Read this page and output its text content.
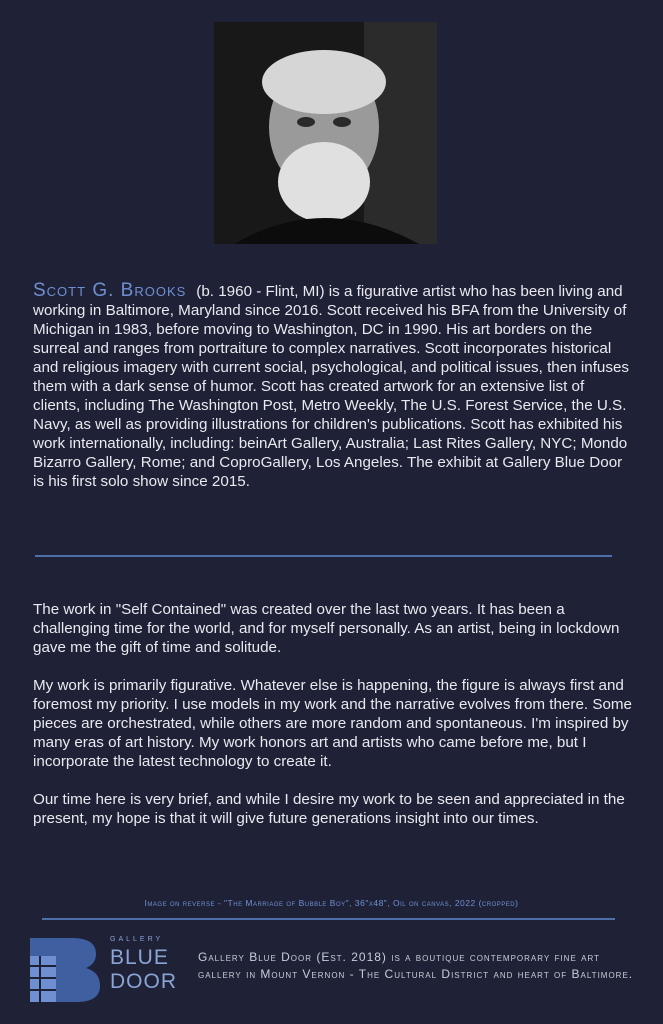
Scott G. Brooks (b. 1960 - Flint, MI) is a figurative artist who has been living and working in Baltimore, Maryland since 2016. Scott received his BFA from the University of Michigan in 1983, before moving to Washington, DC in 1990. His art borders on the surreal and ranges from portraiture to complex narratives. Scott incorporates historical and religious imagery with current social, psychological, and political issues, then infuses them with a dark sense of humor. Scott has created artwork for an extensive list of clients, including The Washington Post, Metro Weekly, The U.S. Forest Service, the U.S. Navy, as well as providing illustrations for children's publications. Scott has exhibited his work internationally, including: beinArt Gallery, Australia; Last Rites Gallery, NYC; Mondo Bizarro Gallery, Rome; and CoproGallery, Los Angeles. The exhibit at Gallery Blue Door is his first solo show since 2015.

The work in "Self Contained" was created over the last two years. It has been a challenging time for the world, and for myself personally. As an artist, being in lockdown gave me the gift of time and solitude.

My work is primarily figurative. Whatever else is happening, the figure is always first and foremost my priority. I use models in my work and the narrative evolves from there. Some pieces are orchestrated, while others are more random and spontaneous. I'm inspired by many eras of art history. My work honors art and artists who came before me, but I incorporate the latest technology to create it.

Our time here is very brief, and while I desire my work to be seen and appreciated in the present, my hope is that it will give future generations insight into our times.

Image on reverse - "The Marriage of Bubble Boy", 36"x48", Oil on canvas, 2022 (cropped)
GALLERY
BLUE
DOOR

Gallery Blue Door (Est. 2018) is a boutique contemporary fine art gallery in Mount Vernon - The Cultural District and heart of Baltimore.
